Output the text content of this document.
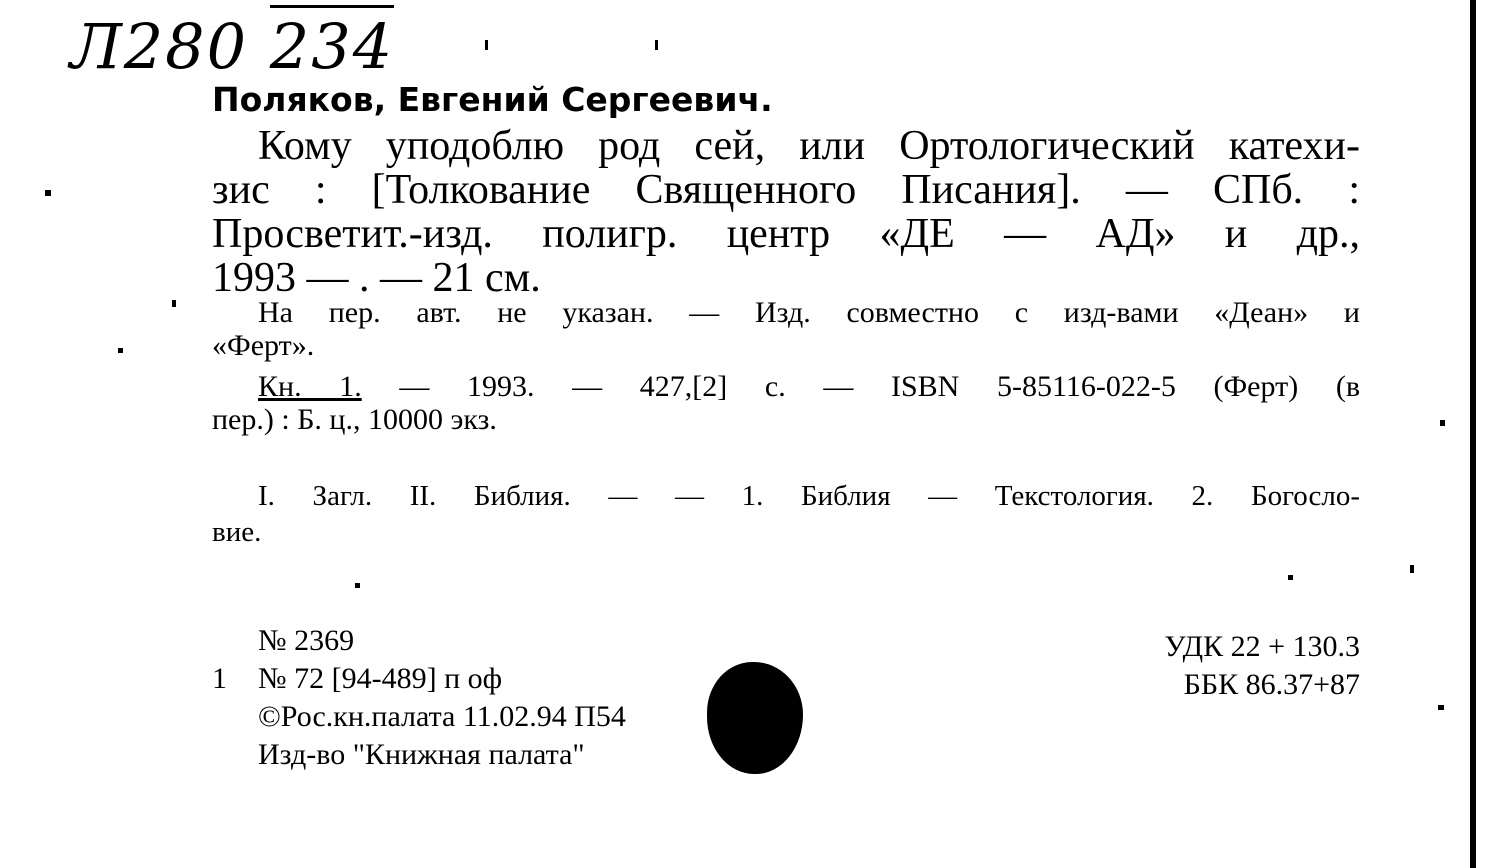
Л280 234
Поляков, Евгений Сергеевич.
Кому уподоблю род сей, или Ортологический катехи-
зис : [Толкование Священного Писания]. — СПб. :
Просветит.-изд. полигр. центр «ДЕ — АД» и др.,
1993 — . — 21 см.
На пер. авт. не указан. — Изд. совместно с изд-вами «Деан» и
«Ферт».
Кн. 1. — 1993. — 427,[2] с. — ISBN 5-85116-022-5 (Ферт) (в
пер.) : Б. ц., 10000 экз.
I. Загл. II. Библия. — — 1. Библия — Текстология. 2. Богосло-
вие.
№ 2369
1	№ 72 [94-489] п оф
©Рос.кн.палата 11.02.94 П54
Изд-во "Книжная палата"
УДК 22 + 130.3
ББК 86.37+87
